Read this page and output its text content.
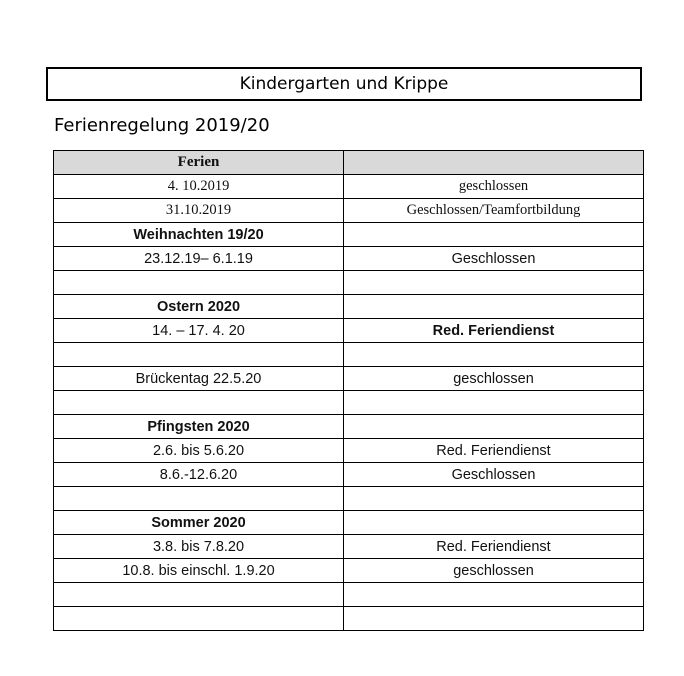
Kindergarten und Krippe
Ferienregelung 2019/20
Ferien	
4. 10.2019	geschlossen
31.10.2019	Geschlossen/Teamfortbildung
Weihnachten 19/20	
23.12.19– 6.1.19	Geschlossen

Ostern 2020	
14. – 17. 4. 20	Red. Feriendienst

Brückentag 22.5.20	geschlossen

Pfingsten 2020	
2.6. bis 5.6.20	Red. Feriendienst
8.6.-12.6.20	Geschlossen

Sommer 2020	
3.8. bis 7.8.20	Red. Feriendienst
10.8. bis einschl. 1.9.20	geschlossen
